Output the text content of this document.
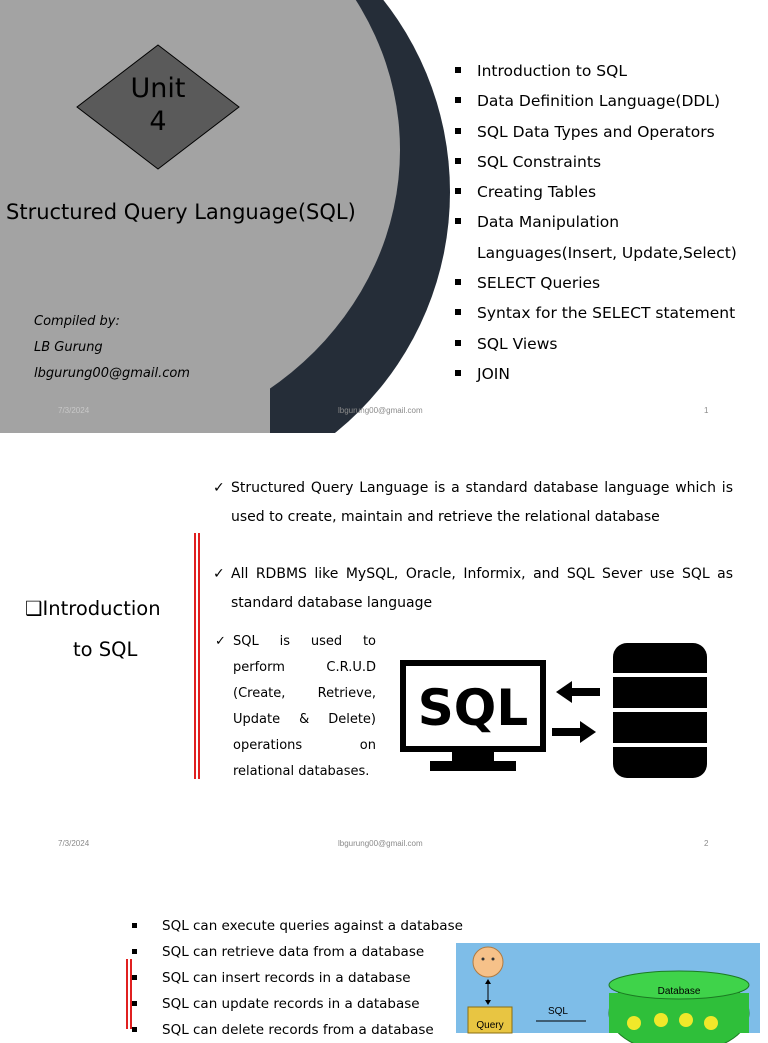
Unit
4
Structured Query Language(SQL)
Compiled by:
LB Gurung
lbgurung00@gmail.com
Introduction to SQL
Data Definition Language(DDL)
SQL Data Types and Operators
SQL Constraints
Creating Tables
Data Manipulation
Languages(Insert, Update,Select)
SELECT Queries
Syntax for the SELECT statement
SQL Views
JOIN
7/3/2024	lbgurung00@gmail.com	1
❑Introduction
to SQL
✓ Structured Query Language is a standard database language which is used to create, maintain and retrieve the relational database
✓ All RDBMS like MySQL, Oracle, Informix, and SQL Sever use SQL as standard database language
✓ SQL is used to perform C.R.U.D (Create, Retrieve, Update & Delete) operations on relational databases.
SQL
7/3/2024	lbgurung00@gmail.com	2
SQL can execute queries against a database
SQL can retrieve data from a database
SQL can insert records in a database
SQL can update records in a database
SQL can delete records from a database	Query
SQL
Database
